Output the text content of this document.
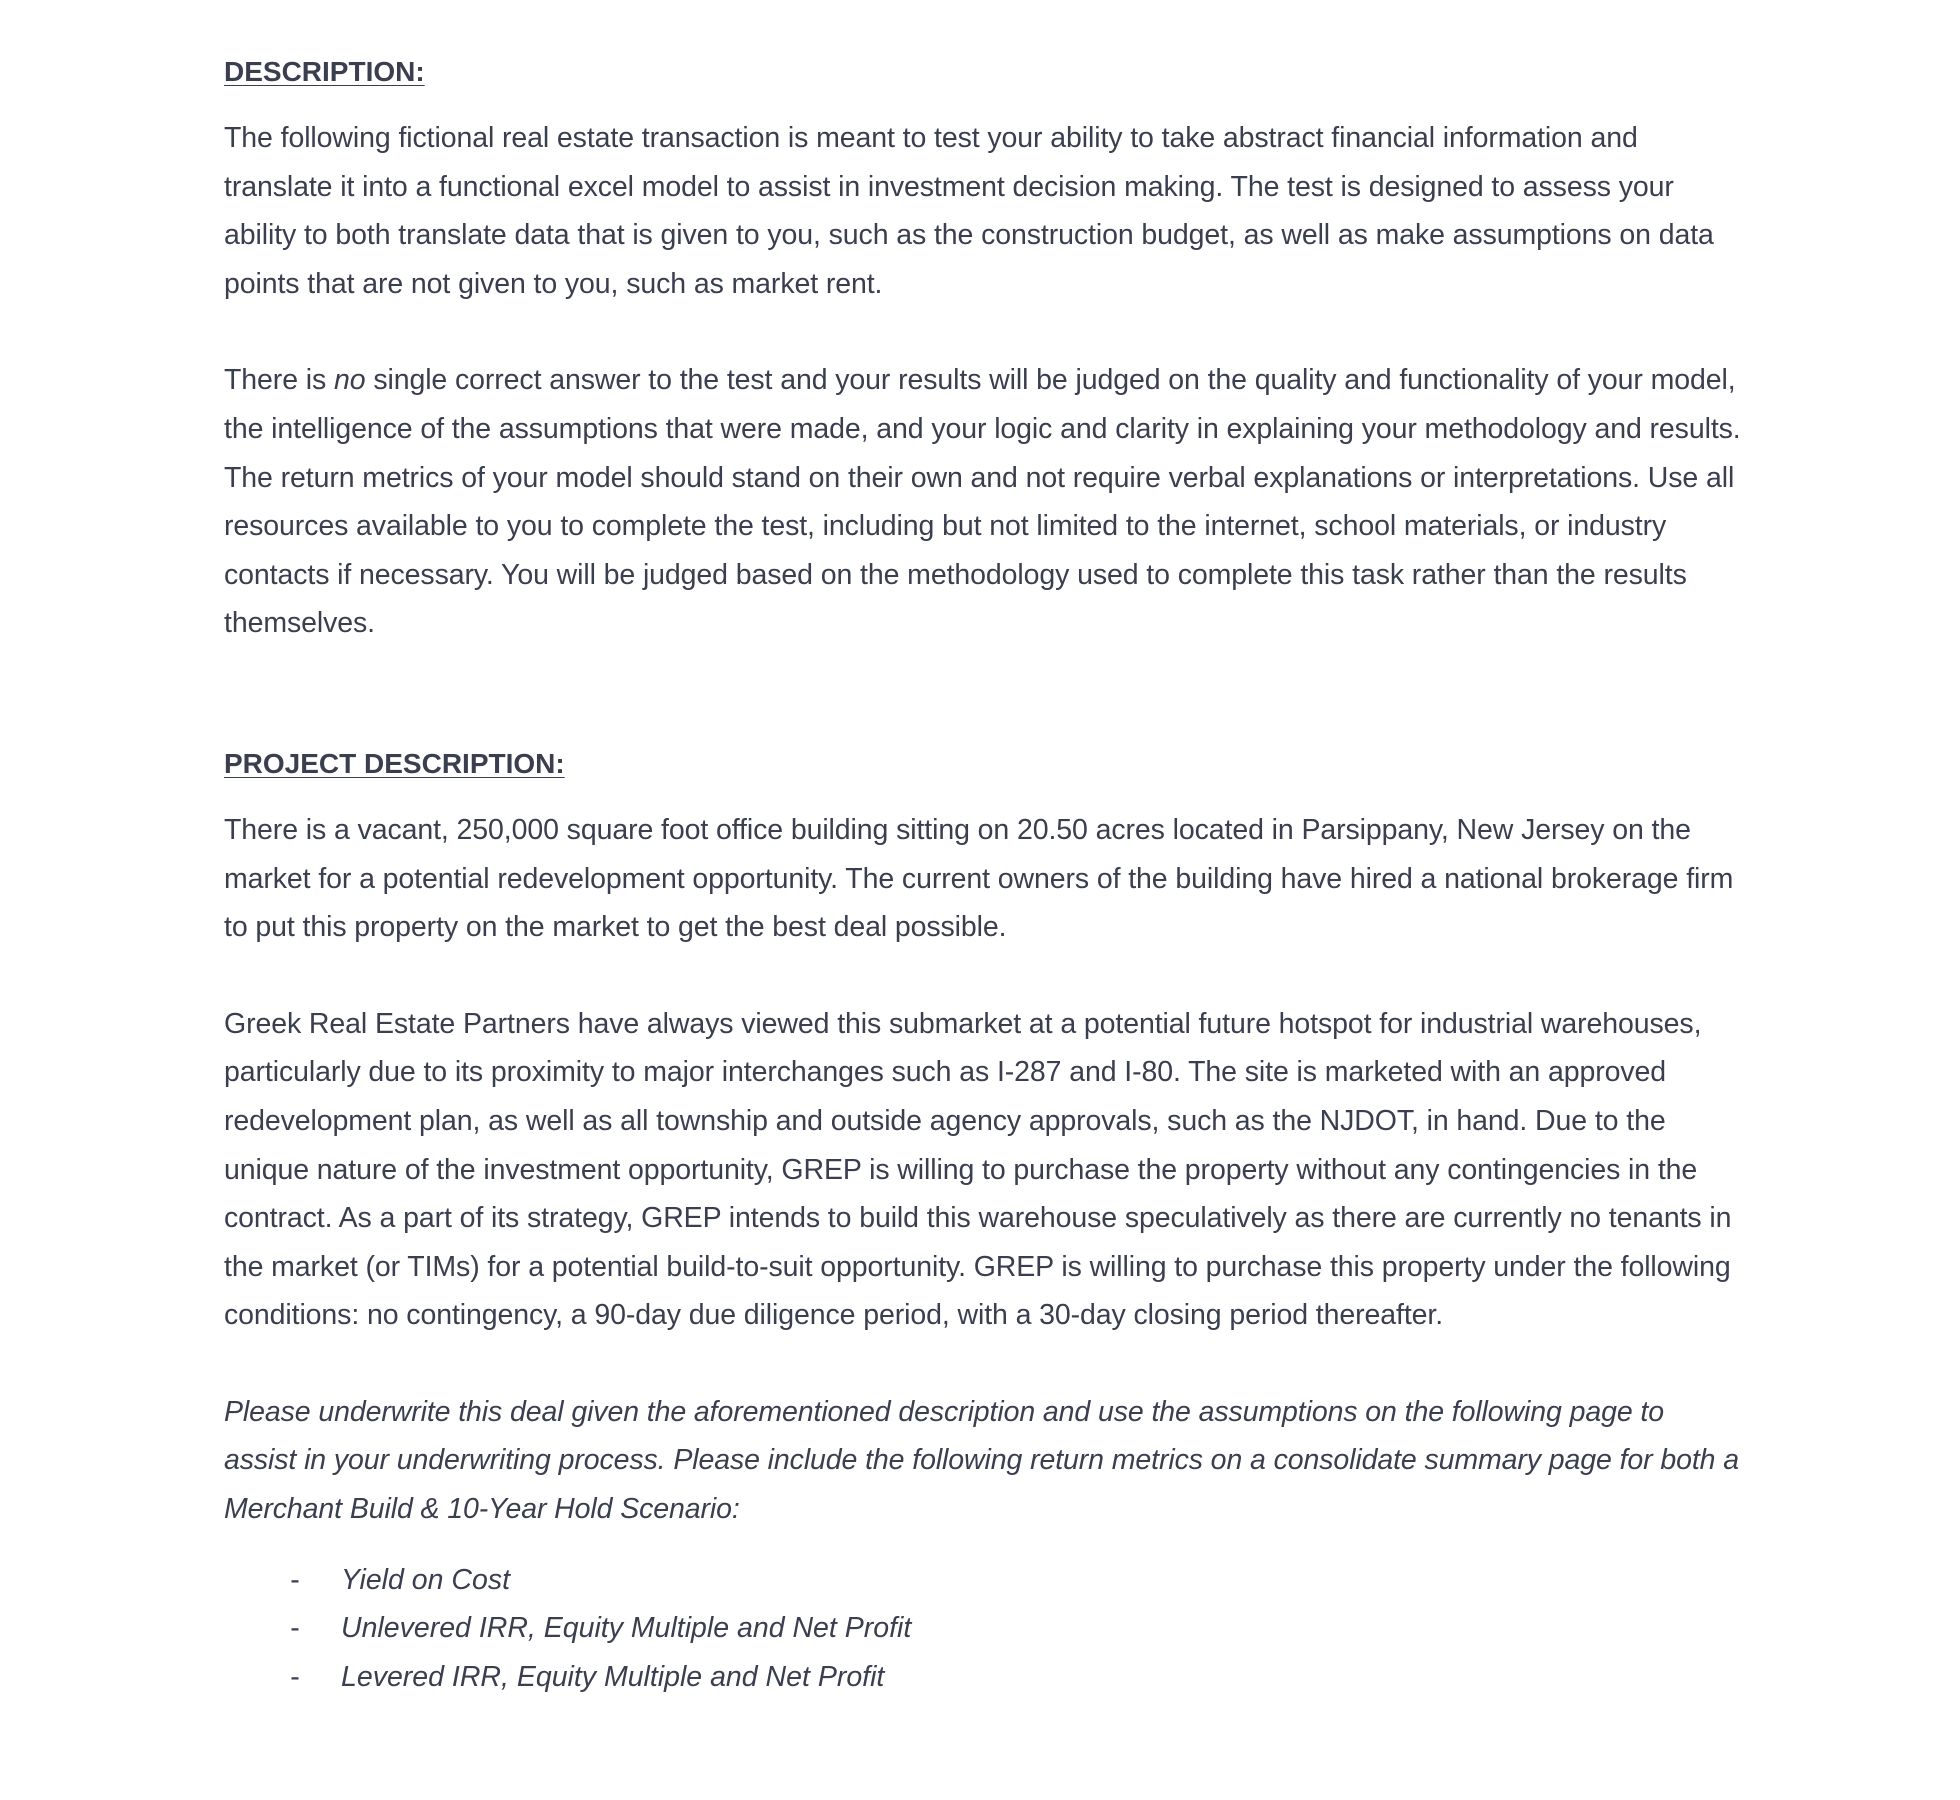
DESCRIPTION:

The following fictional real estate transaction is meant to test your ability to take abstract financial information and translate it into a functional excel model to assist in investment decision making. The test is designed to assess your ability to both translate data that is given to you, such as the construction budget, as well as make assumptions on data points that are not given to you, such as market rent.

There is no single correct answer to the test and your results will be judged on the quality and functionality of your model, the intelligence of the assumptions that were made, and your logic and clarity in explaining your methodology and results. The return metrics of your model should stand on their own and not require verbal explanations or interpretations. Use all resources available to you to complete the test, including but not limited to the internet, school materials, or industry contacts if necessary. You will be judged based on the methodology used to complete this task rather than the results themselves.

PROJECT DESCRIPTION:

There is a vacant, 250,000 square foot office building sitting on 20.50 acres located in Parsippany, New Jersey on the market for a potential redevelopment opportunity. The current owners of the building have hired a national brokerage firm to put this property on the market to get the best deal possible.

Greek Real Estate Partners have always viewed this submarket at a potential future hotspot for industrial warehouses, particularly due to its proximity to major interchanges such as I-287 and I-80. The site is marketed with an approved redevelopment plan, as well as all township and outside agency approvals, such as the NJDOT, in hand. Due to the unique nature of the investment opportunity, GREP is willing to purchase the property without any contingencies in the contract. As a part of its strategy, GREP intends to build this warehouse speculatively as there are currently no tenants in the market (or TIMs) for a potential build-to-suit opportunity. GREP is willing to purchase this property under the following conditions: no contingency, a 90-day due diligence period, with a 30-day closing period thereafter.

Please underwrite this deal given the aforementioned description and use the assumptions on the following page to assist in your underwriting process. Please include the following return metrics on a consolidate summary page for both a Merchant Build & 10-Year Hold Scenario:

-	Yield on Cost
-	Unlevered IRR, Equity Multiple and Net Profit
-	Levered IRR, Equity Multiple and Net Profit
